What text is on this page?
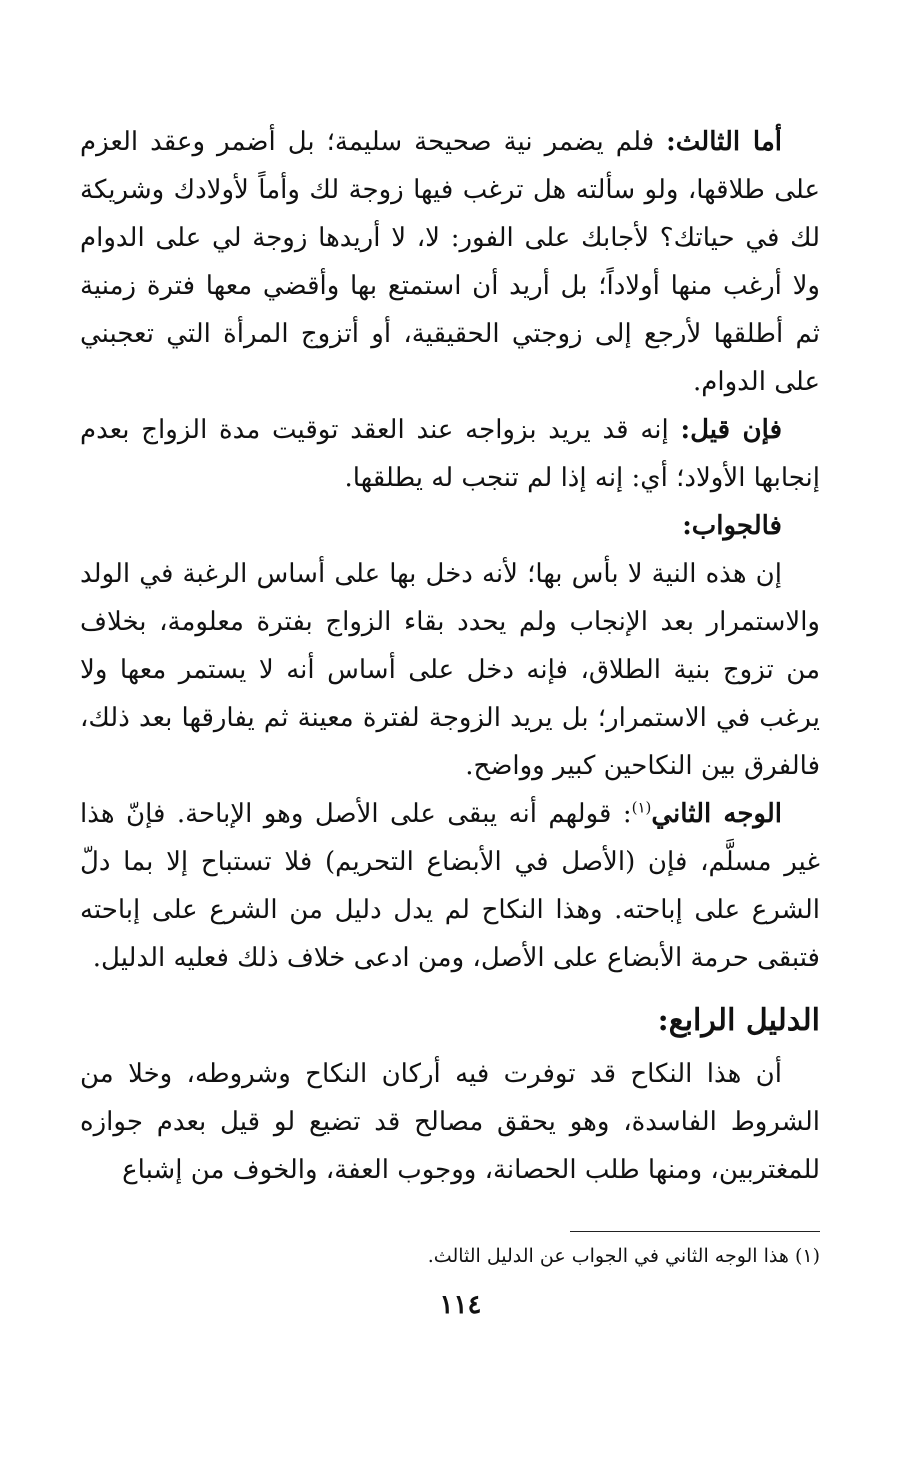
أما الثالث: فلم يضمر نية صحيحة سليمة؛ بل أضمر وعقد العزم على طلاقها، ولو سألته هل ترغب فيها زوجة لك وأماً لأولادك وشريكة لك في حياتك؟ لأجابك على الفور: لا، لا أريدها زوجة لي على الدوام ولا أرغب منها أولاداً؛ بل أريد أن استمتع بها وأقضي معها فترة زمنية ثم أطلقها لأرجع إلى زوجتي الحقيقية، أو أتزوج المرأة التي تعجبني على الدوام.

فإن قيل: إنه قد يريد بزواجه عند العقد توقيت مدة الزواج بعدم إنجابها الأولاد؛ أي: إنه إذا لم تنجب له يطلقها.

فالجواب:

إن هذه النية لا بأس بها؛ لأنه دخل بها على أساس الرغبة في الولد والاستمرار بعد الإنجاب ولم يحدد بقاء الزواج بفترة معلومة، بخلاف من تزوج بنية الطلاق، فإنه دخل على أساس أنه لا يستمر معها ولا يرغب في الاستمرار؛ بل يريد الزوجة لفترة معينة ثم يفارقها بعد ذلك، فالفرق بين النكاحين كبير وواضح.

الوجه الثاني$^{(١)}$: قولهم أنه يبقى على الأصل وهو الإباحة. فإنّ هذا غير مسلَّم، فإن (الأصل في الأبضاع التحريم) فلا تستباح إلا بما دلّ الشرع على إباحته. وهذا النكاح لم يدل دليل من الشرع على إباحته فتبقى حرمة الأبضاع على الأصل، ومن ادعى خلاف ذلك فعليه الدليل.

الدليل الرابع:

أن هذا النكاح قد توفرت فيه أركان النكاح وشروطه، وخلا من الشروط الفاسدة، وهو يحقق مصالح قد تضيع لو قيل بعدم جوازه للمغتربين، ومنها طلب الحصانة، ووجوب العفة، والخوف من إشباع

(١) هذا الوجه الثاني في الجواب عن الدليل الثالث.
١١٤
